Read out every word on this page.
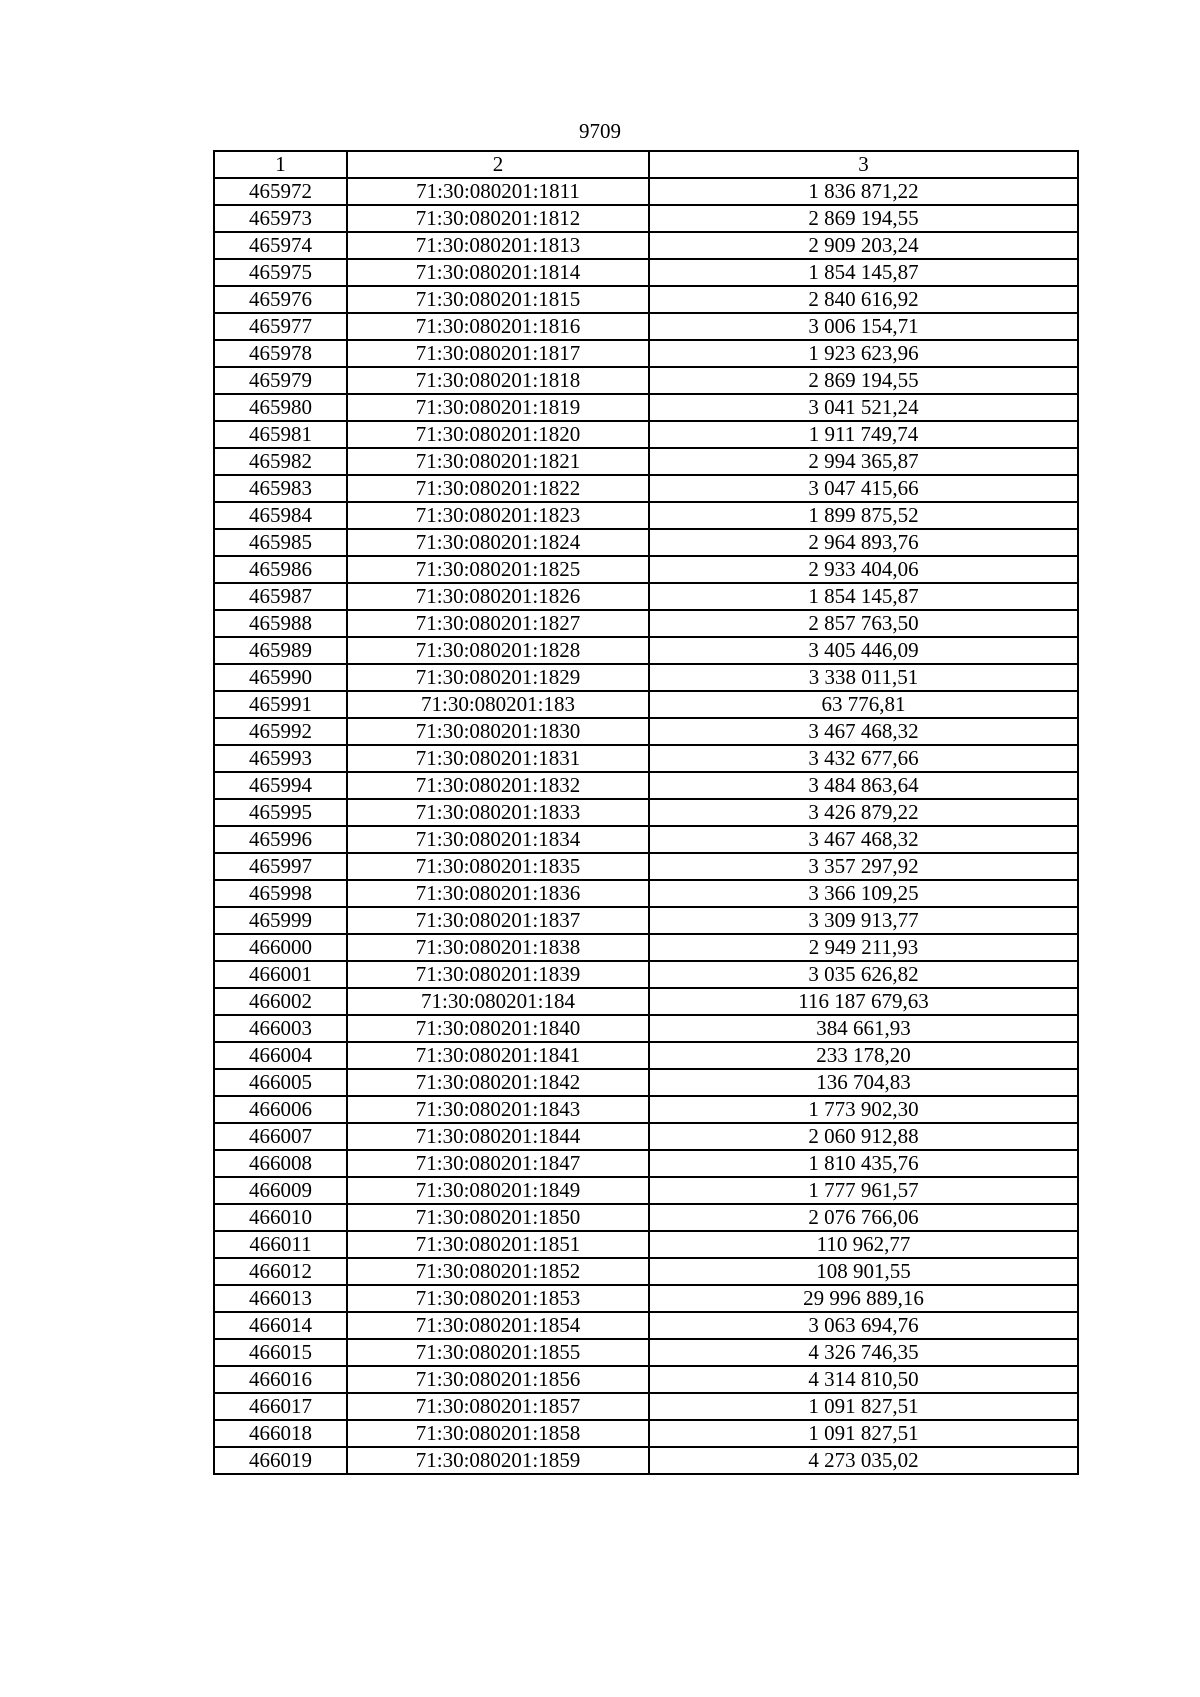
9709
1	2	3
465972	71:30:080201:1811	1 836 871,22
465973	71:30:080201:1812	2 869 194,55
465974	71:30:080201:1813	2 909 203,24
465975	71:30:080201:1814	1 854 145,87
465976	71:30:080201:1815	2 840 616,92
465977	71:30:080201:1816	3 006 154,71
465978	71:30:080201:1817	1 923 623,96
465979	71:30:080201:1818	2 869 194,55
465980	71:30:080201:1819	3 041 521,24
465981	71:30:080201:1820	1 911 749,74
465982	71:30:080201:1821	2 994 365,87
465983	71:30:080201:1822	3 047 415,66
465984	71:30:080201:1823	1 899 875,52
465985	71:30:080201:1824	2 964 893,76
465986	71:30:080201:1825	2 933 404,06
465987	71:30:080201:1826	1 854 145,87
465988	71:30:080201:1827	2 857 763,50
465989	71:30:080201:1828	3 405 446,09
465990	71:30:080201:1829	3 338 011,51
465991	71:30:080201:183	63 776,81
465992	71:30:080201:1830	3 467 468,32
465993	71:30:080201:1831	3 432 677,66
465994	71:30:080201:1832	3 484 863,64
465995	71:30:080201:1833	3 426 879,22
465996	71:30:080201:1834	3 467 468,32
465997	71:30:080201:1835	3 357 297,92
465998	71:30:080201:1836	3 366 109,25
465999	71:30:080201:1837	3 309 913,77
466000	71:30:080201:1838	2 949 211,93
466001	71:30:080201:1839	3 035 626,82
466002	71:30:080201:184	116 187 679,63
466003	71:30:080201:1840	384 661,93
466004	71:30:080201:1841	233 178,20
466005	71:30:080201:1842	136 704,83
466006	71:30:080201:1843	1 773 902,30
466007	71:30:080201:1844	2 060 912,88
466008	71:30:080201:1847	1 810 435,76
466009	71:30:080201:1849	1 777 961,57
466010	71:30:080201:1850	2 076 766,06
466011	71:30:080201:1851	110 962,77
466012	71:30:080201:1852	108 901,55
466013	71:30:080201:1853	29 996 889,16
466014	71:30:080201:1854	3 063 694,76
466015	71:30:080201:1855	4 326 746,35
466016	71:30:080201:1856	4 314 810,50
466017	71:30:080201:1857	1 091 827,51
466018	71:30:080201:1858	1 091 827,51
466019	71:30:080201:1859	4 273 035,02
